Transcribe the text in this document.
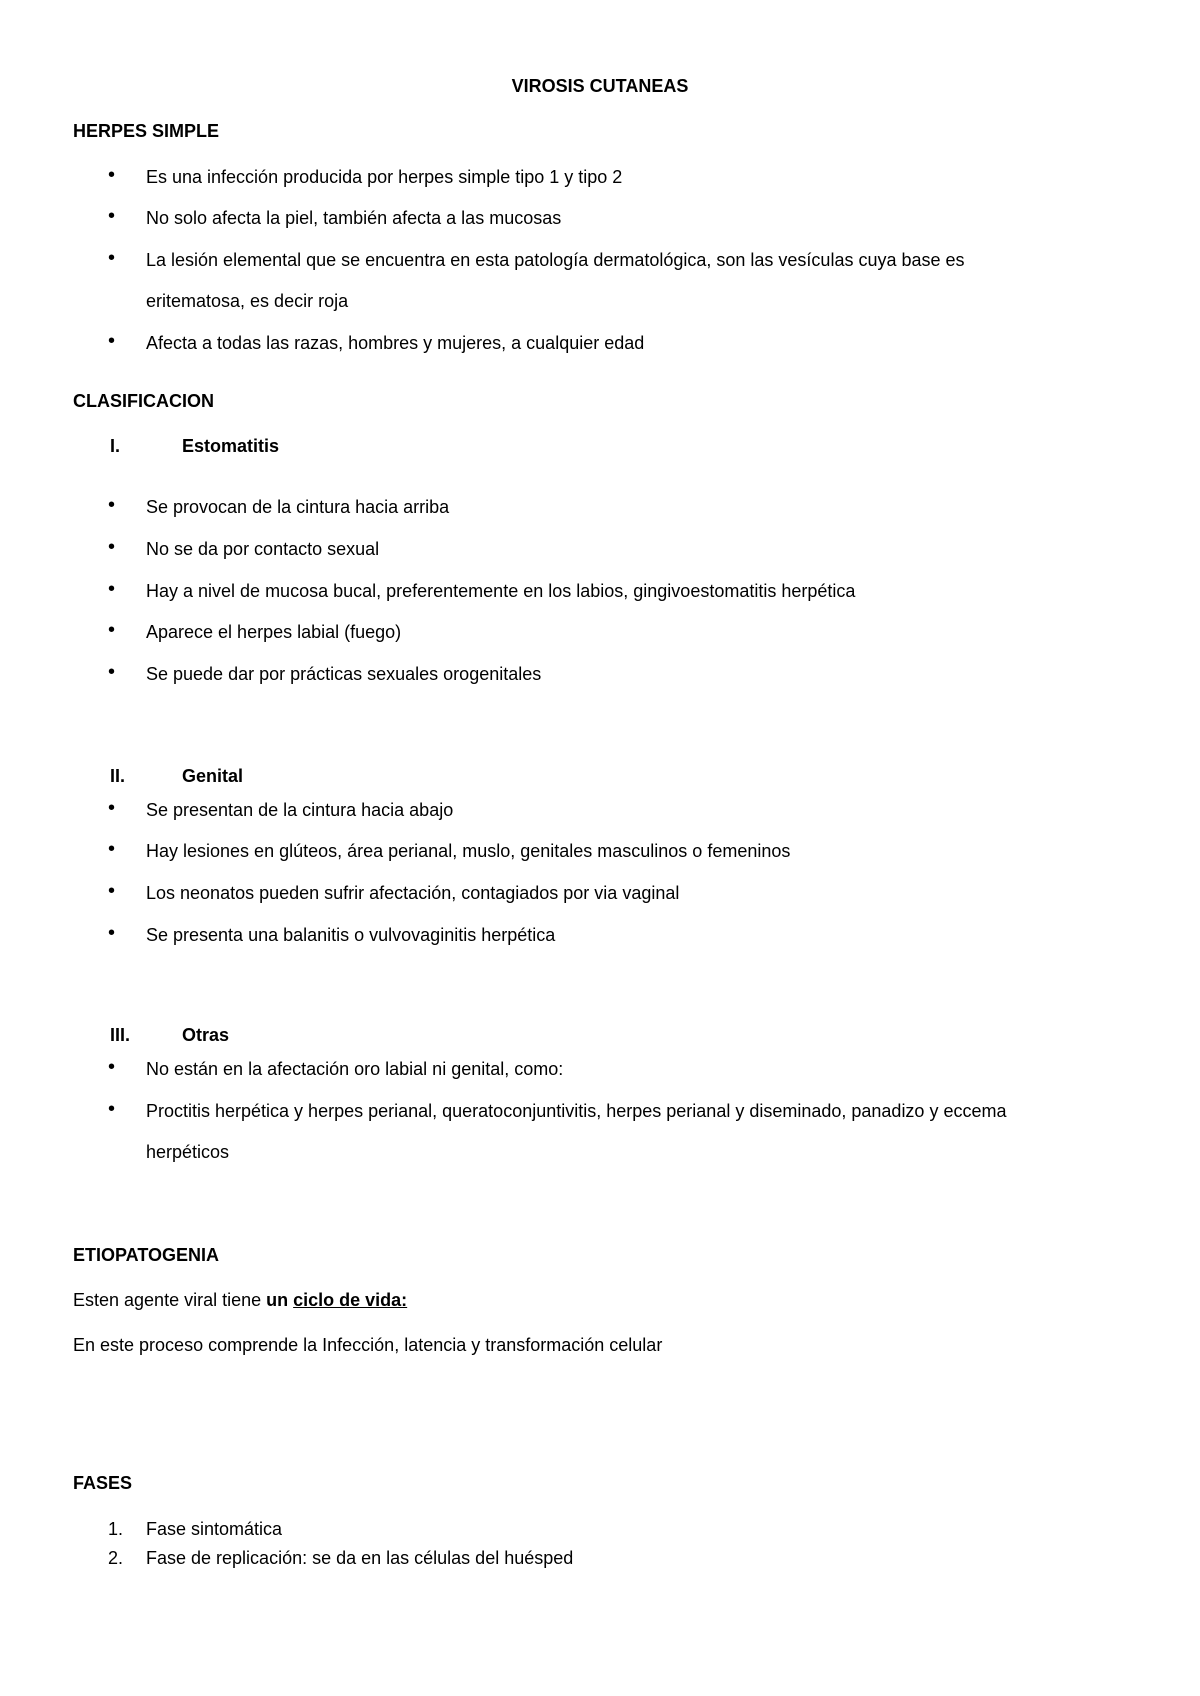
VIROSIS CUTANEAS
HERPES SIMPLE
• Es una infección producida por herpes simple tipo 1 y tipo 2
• No solo afecta la piel, también afecta a las mucosas
• La lesión elemental que se encuentra en esta patología dermatológica, son las vesículas cuya base es
eritematosa, es decir roja
• Afecta a todas las razas, hombres y mujeres, a cualquier edad
CLASIFICACION
I.	Estomatitis
• Se provocan de la cintura hacia arriba
• No se da por contacto sexual
• Hay a nivel de mucosa bucal, preferentemente en los labios, gingivoestomatitis herpética
• Aparece el herpes labial (fuego)
• Se puede dar por prácticas sexuales orogenitales
II.	Genital
• Se presentan de la cintura hacia abajo
• Hay lesiones en glúteos, área perianal, muslo, genitales masculinos o femeninos
• Los neonatos pueden sufrir afectación, contagiados por via vaginal
• Se presenta una balanitis o vulvovaginitis herpética
III.	Otras
• No están en la afectación oro labial ni genital, como:
• Proctitis herpética y herpes perianal, queratoconjuntivitis, herpes perianal y diseminado, panadizo y eccema
herpéticos
ETIOPATOGENIA
Esten agente viral tiene un ciclo de vida:
En este proceso comprende la Infección, latencia y transformación celular
FASES
1. Fase sintomática
2. Fase de replicación: se da en las células del huésped
